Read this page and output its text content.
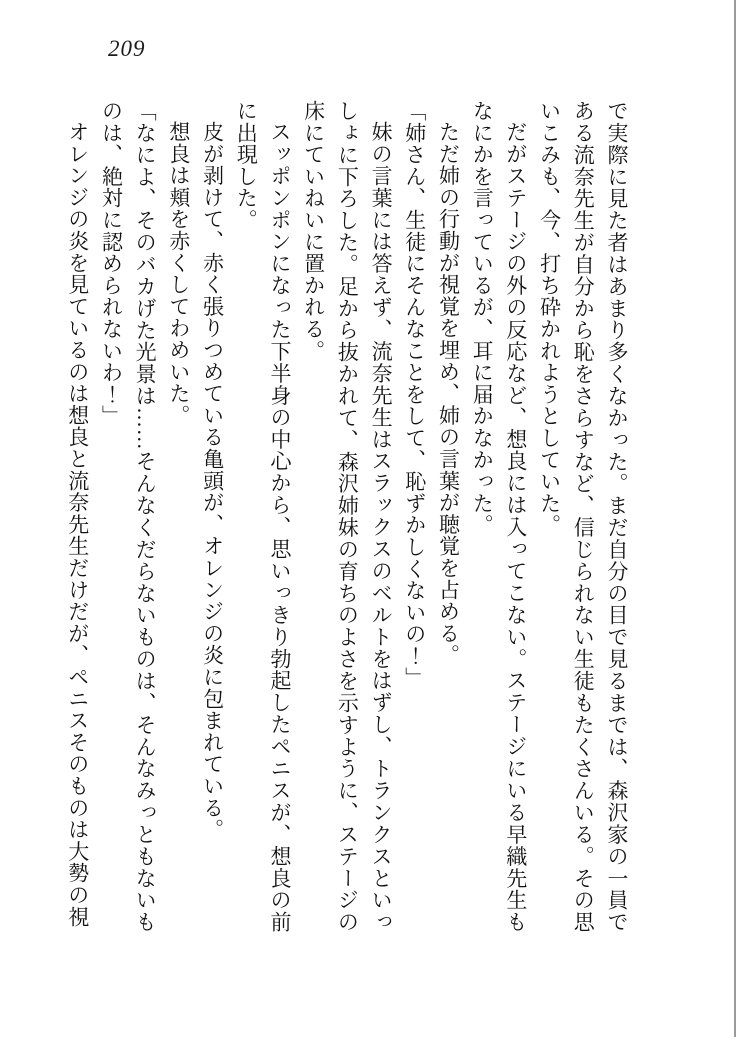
209

で実際に見た者はあまり多くなかった。まだ自分の目で見るまでは、森沢家の一員である流奈先生が自分から恥をさらすなど、信じられない生徒もたくさんいる。その思いこみも、今、打ち砕かれようとしていた。

だがステージの外の反応など、想良には入ってこない。ステージにいる早織先生もなにかを言っているが、耳に届かなかった。

ただ姉の行動が視覚を埋め、姉の言葉が聴覚を占める。

「姉さん、生徒にそんなことをして、恥ずかしくないの！」

妹の言葉には答えず、流奈先生はスラックスのベルトをはずし、トランクスといっしょに下ろした。足から抜かれて、森沢姉妹の育ちのよさを示すように、ステージの床にていねいに置かれる。

スッポンポンになった下半身の中心から、思いっきり勃起したペニスが、想良の前に出現した。

皮が剥けて、赤く張りつめている亀頭が、オレンジの炎に包まれている。

想良は頬を赤くしてわめいた。

「なによ、そのバカげた光景は……そんなくだらないものは、そんなみっともないものは、絶対に認められないわ！」

オレンジの炎を見ているのは想良と流奈先生だけだが、ペニスそのものは大勢の視
